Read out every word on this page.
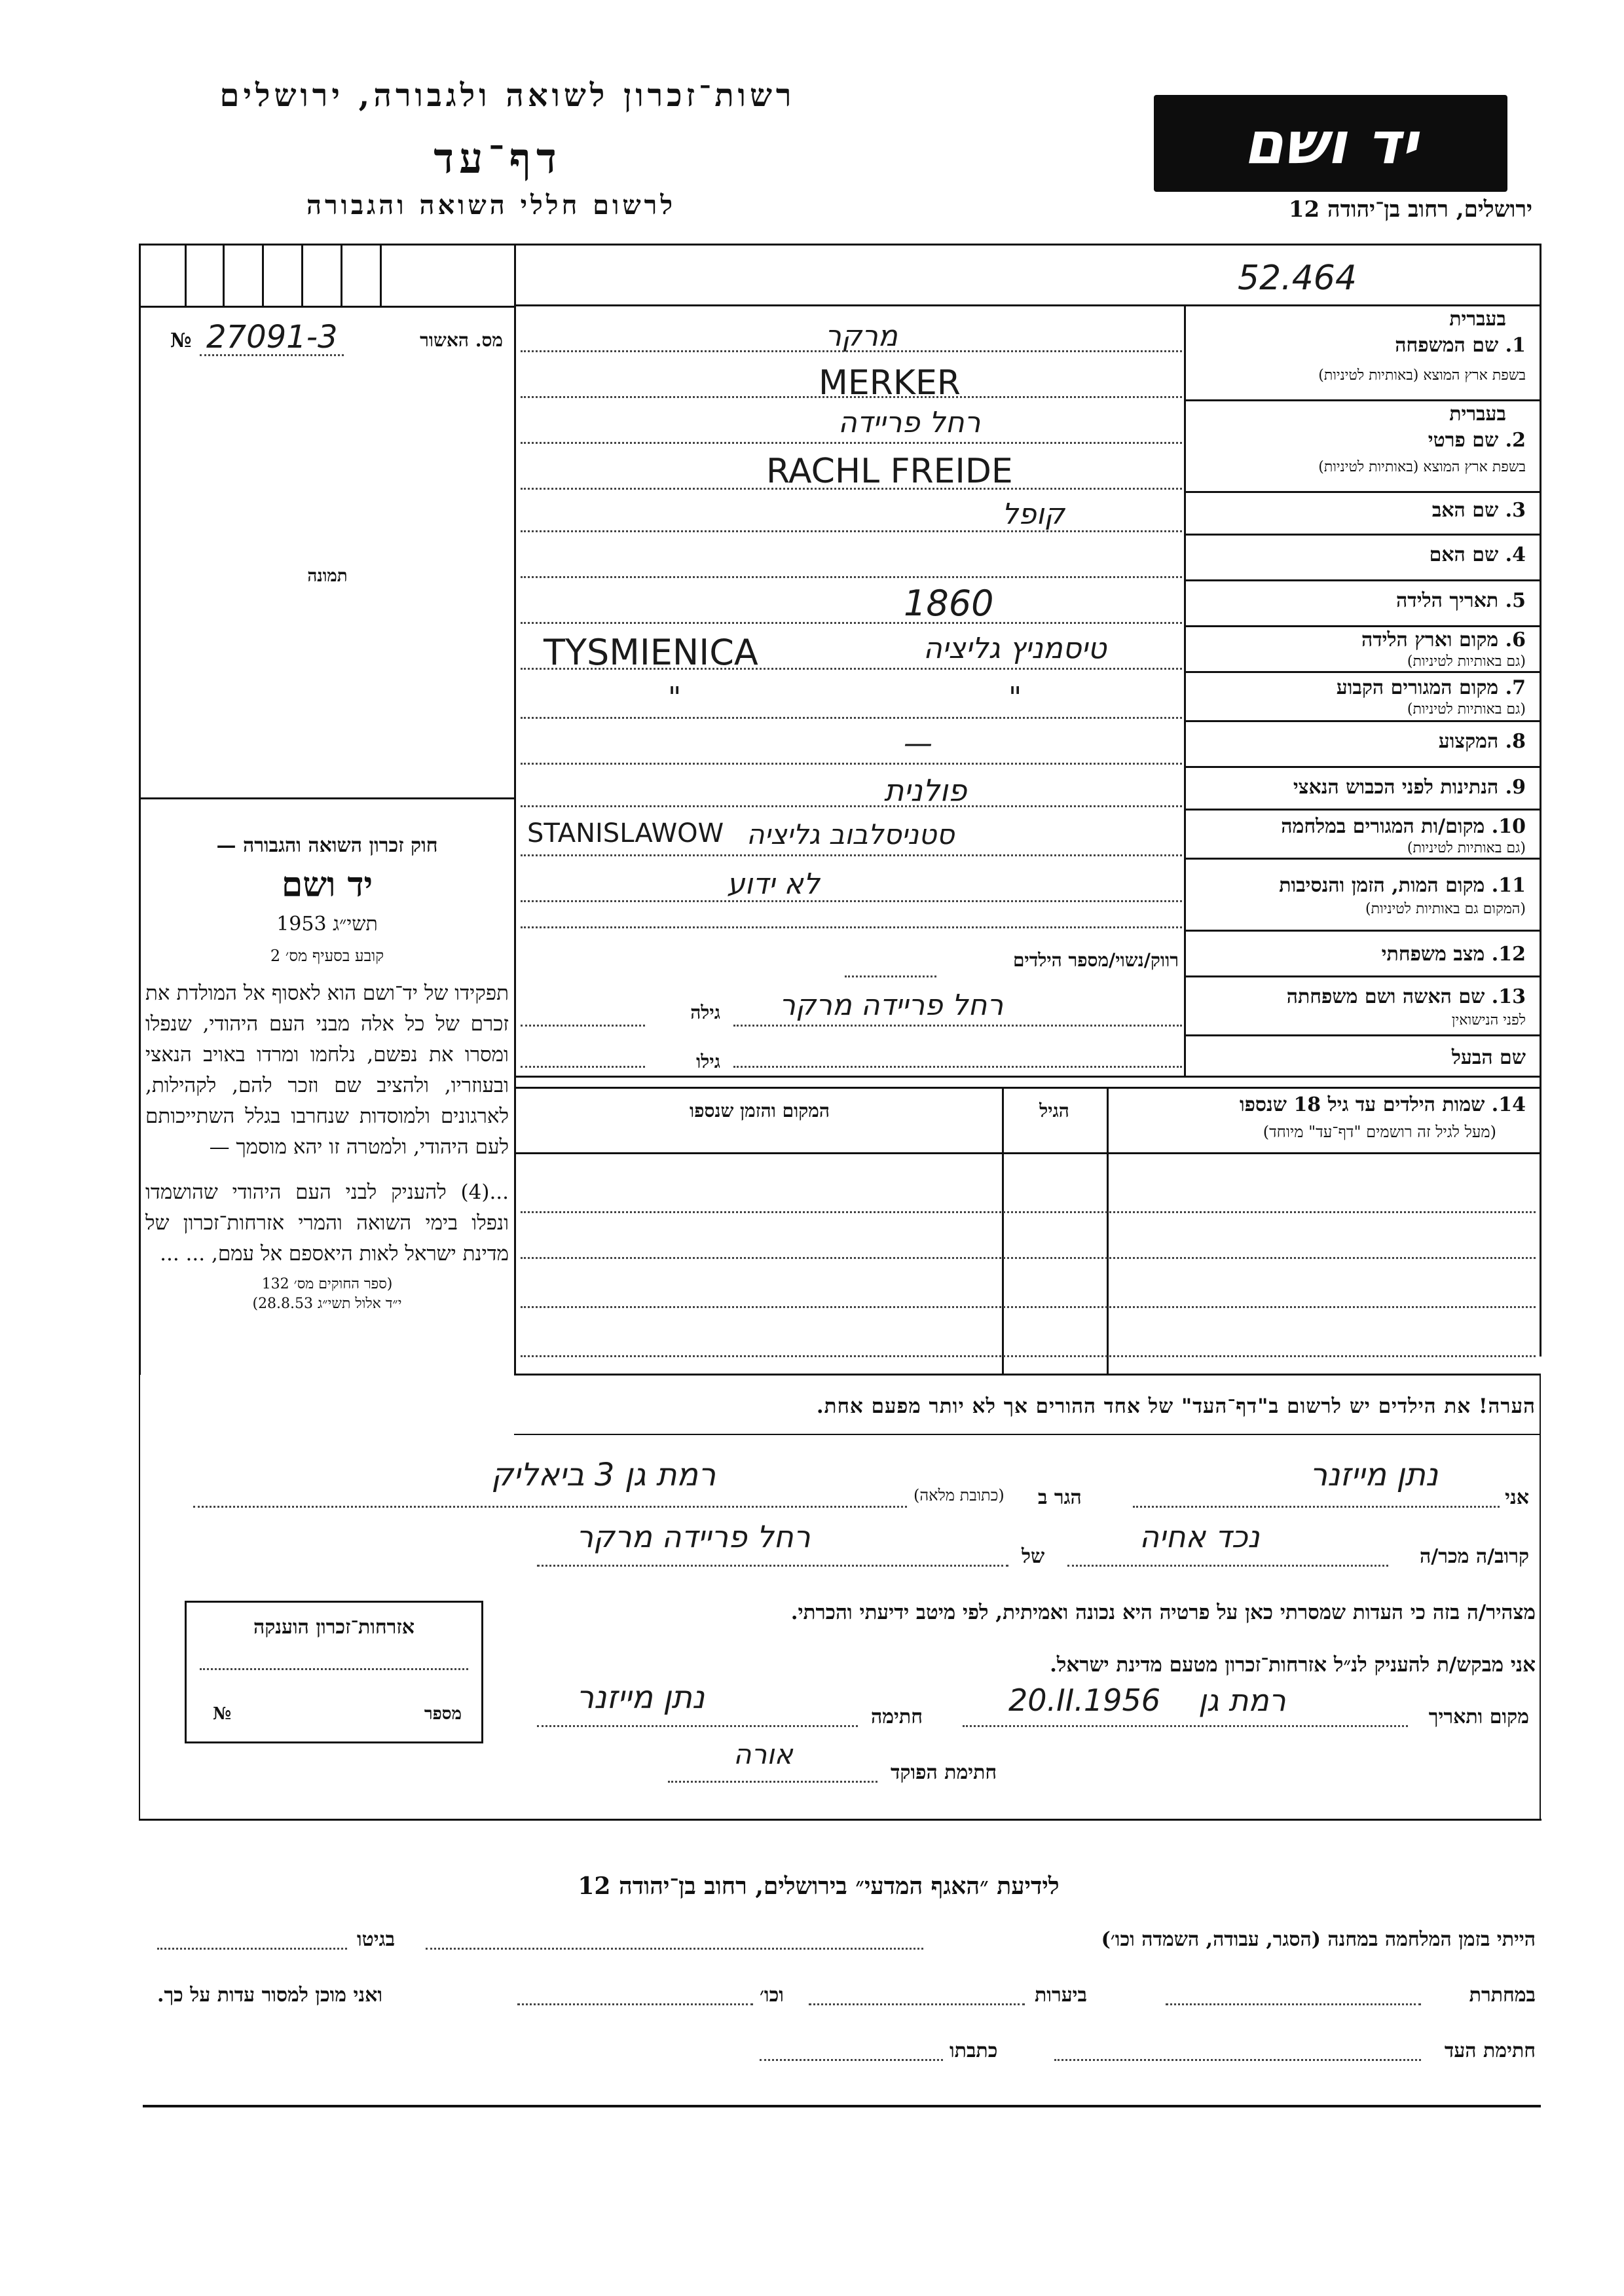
רשות־זכרון לשואה ולגבורה, ירושלים
דף־עד
לרשום חללי השואה והגבורה
יד ושם
ירושלים, רחוב בן־יהודה 12
52.464
№ 27091-3	מס. האשור
תמונה
חוק זכרון השואה והגבורה —
יד ושם
תשי״ג 1953
קובע בסעיף מס׳ 2
תפקידו של יד־ושם הוא לאסוף אל המולדת את זכרם של כל אלה מבני העם היהודי, שנפלו ומסרו את נפשם, נלחמו ומרדו באויב הנאצי ובעוזריו, ולהציב שם וזכר להם, לקהילות, לארגונים ולמוסדות שנחרבו בגלל השתייכותם לעם היהודי, ולמטרה זו יהא מוסמך —
...(4) להעניק לבני העם היהודי שהושמדו ונפלו בימי השואה והמרי אזרחות־זכרון של מדינת ישראל לאות היאספם אל עמם, ... ...
(ספר החוקים מס׳ 132
י״ד אלול תשי״ג 28.8.53)
בעברית
1. שם המשפחה
בשפת ארץ המוצא (באותיות לטיניות)
מרקר
MERKER
בעברית
2. שם פרטי
בשפת ארץ המוצא (באותיות לטיניות)
רחל פריידה
RACHL FREIDE
3. שם האב
קופל
4. שם האם
5. תאריך הלידה
1860
6. מקום וארץ הלידה
(גם באותיות לטיניות)
TYSMIENICA	טיסמניץ גליציה
7. מקום המגורים הקבוע
(גם באותיות לטיניות)
"	"
8. המקצוע
—
9. הנתינות לפני הכבוש הנאצי
פולנית
10. מקום/ות המגורים במלחמה
(גם באותיות לטיניות)
STANISLAWOW סטניסלבוב גליציה
11. מקום המות, הזמן והנסיבות
(המקום גם באותיות לטיניות)
לא ידוע
12. מצב משפחתי
רווק/נשוי/מספר הילדים
13. שם האשה ושם משפחתה
לפני הנישואין
רחל פריידה מרקר
גילה
שם הבעל
גילו
14. שמות הילדים עד גיל 18 שנספו
(מעל לגיל זה רושמים "דף־עד" מיוחד)
הגיל
המקום והזמן שנספו
הערה! את הילדים יש לרשום ב"דף־העד" של אחד ההורים אך לא יותר מפעם אחת.
אני
נתן מייזנר
הגר ב
(כתובת מלאה)
רמת גן 3 ביאליק
קרוב/ה מכר/ה
נכד אחיה
של
רחל פריידה מרקר
מצהיר/ה בזה כי העדות שמסרתי כאן על פרטיה היא נכונה ואמיתית, לפי מיטב ידיעתי והכרתי.
אני מבקש/ת להעניק לנ״ל אזרחות־זכרון מטעם מדינת ישראל.
מקום ותאריך
רמת גן
20.II.1956
חתימה
נתן מייזנר
חתימת הפוקד
אורה
אזרחות־זכרון הוענקה
מספר
№
לידיעת ״האגף המדעי״ בירושלים, רחוב בן־יהודה 12
הייתי בזמן המלחמה במחנה (הסגר, עבודה, השמדה וכו׳)
בגיטו
במחתרת
ביערות
וכו׳
ואני מוכן למסור עדות על כך.
חתימת העד
כתבתו
